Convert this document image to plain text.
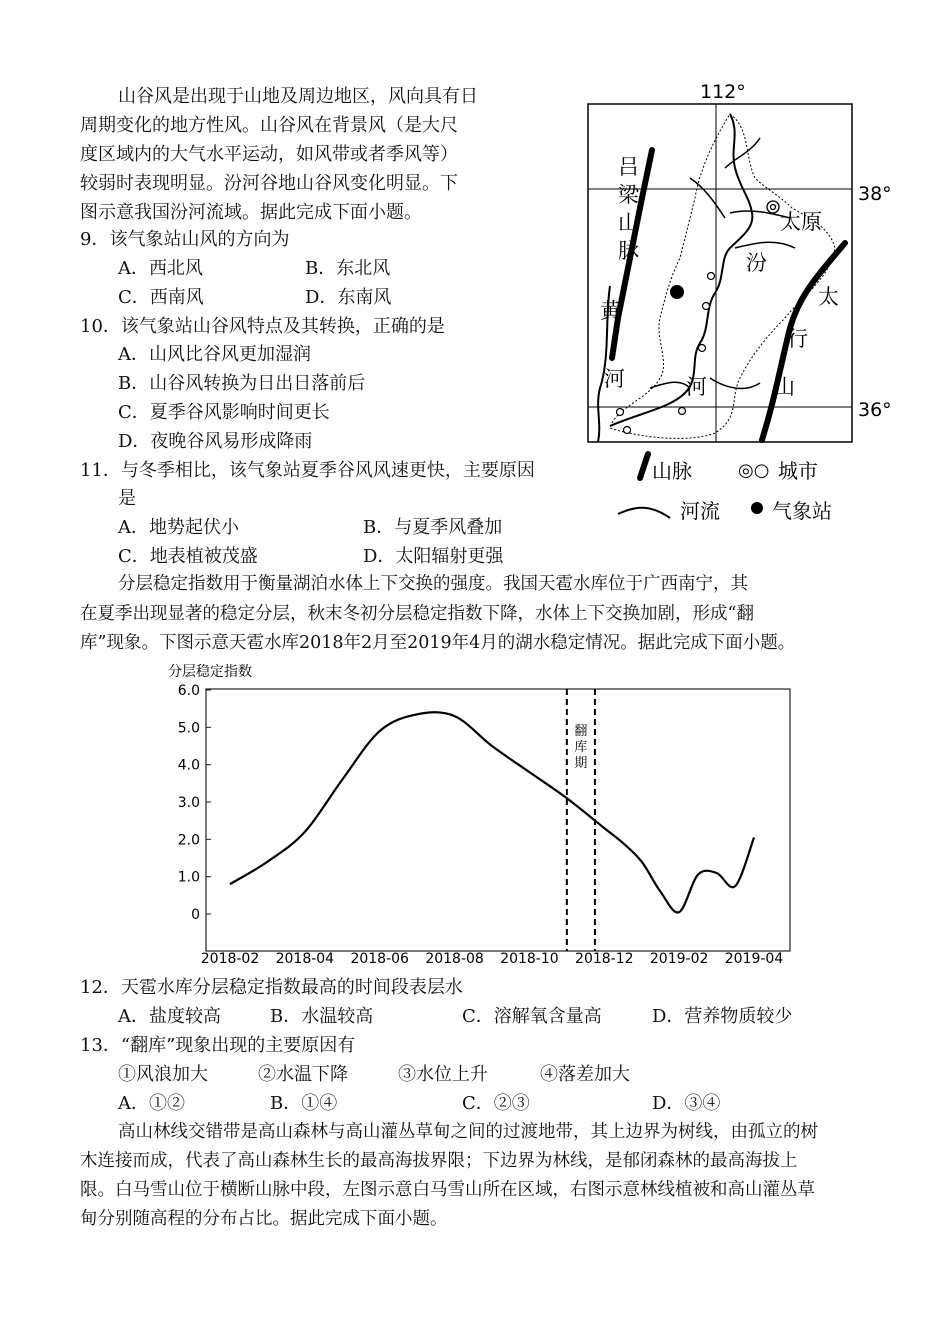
山谷风是出现于山地及周边地区，风向具有日
周期变化的地方性风。山谷风在背景风（是大尺
度区域内的大气水平运动，如风带或者季风等）
较弱时表现明显。汾河谷地山谷风变化明显。下
图示意我国汾河流域。据此完成下面小题。
9．该气象站山风的方向为
A．西北风	B．东北风
C．西南风	D．东南风
10．该气象站山谷风特点及其转换，正确的是
A．山风比谷风更加湿润
B．山谷风转换为日出日落前后
C．夏季谷风影响时间更长
D．夜晚谷风易形成降雨
11．与冬季相比，该气象站夏季谷风风速更快，主要原因
是
A．地势起伏小	B．与夏季风叠加
C．地表植被茂盛	D．太阳辐射更强
112°
38°
36°
吕
梁
山
脉
黄
河
太原
汾
河
太
行
山
山脉	◎○ 城市
河流	气象站
分层稳定指数用于衡量湖泊水体上下交换的强度。我国天雹水库位于广西南宁，其
在夏季出现显著的稳定分层，秋末冬初分层稳定指数下降，水体上下交换加剧，形成“翻
库”现象。下图示意天雹水库2018年2月至2019年4月的湖水稳定情况。据此完成下面小题。
分层稳定指数
6.0
5.0
4.0
3.0
2.0
1.0
0
2018-02 2018-04 2018-06 2018-08 2018-10 2018-12 2019-02 2019-04
翻
库
期
12．天雹水库分层稳定指数最高的时间段表层水
A．盐度较高	B．水温较高	C．溶解氧含量高	D．营养物质较少
13．“翻库”现象出现的主要原因有
①风浪加大	②水温下降	③水位上升	④落差加大
A．①②	B．①④	C．②③	D．③④
高山林线交错带是高山森林与高山灌丛草甸之间的过渡地带，其上边界为树线，由孤立的树
木连接而成，代表了高山森林生长的最高海拔界限；下边界为林线，是郁闭森林的最高海拔上
限。白马雪山位于横断山脉中段，左图示意白马雪山所在区域，右图示意林线植被和高山灌丛草
甸分别随高程的分布占比。据此完成下面小题。
